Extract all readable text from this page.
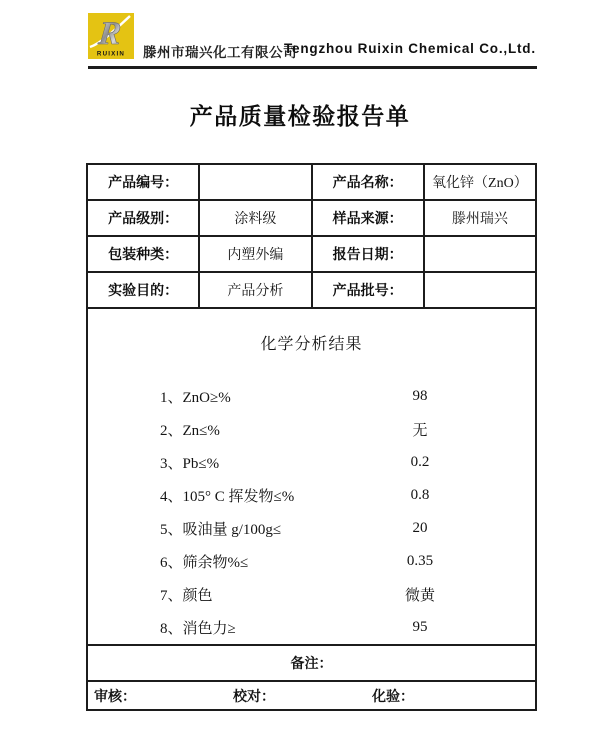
R
RUIXIN 滕州市瑞兴化工有限公司
Tengzhou Ruixin Chemical Co.,Ltd.
产品质量检验报告单
产品编号：		产品名称：	氧化锌（ZnO）
产品级别：	涂料级	样品来源：	滕州瑞兴
包装种类：	内塑外编	报告日期：	
实验目的：	产品分析	产品批号：	

化学分析结果
1、ZnO≥%	98
2、Zn≤%	无
3、Pb≤%	0.2
4、105° C 挥发物≤%	0.8
5、吸油量 g/100g≤	20
6、筛余物%≤	0.35
7、颜色	微黄
8、消色力≥	95

备注：			

审核： 校对： 化验：			
